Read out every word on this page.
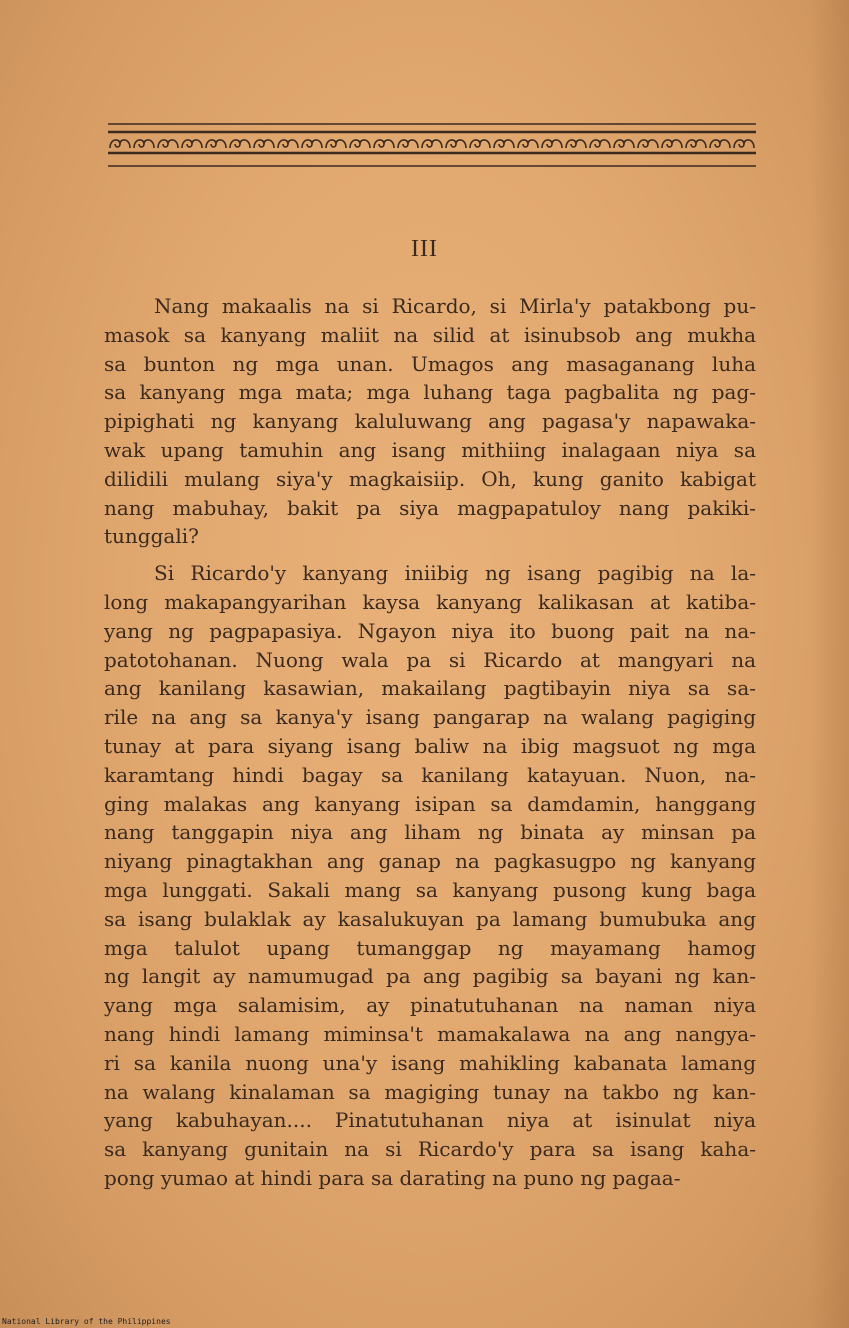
III
Nang makaalis na si Ricardo, si Mirla'y patakbong pu-
masok sa kanyang maliit na silid at isinubsob ang mukha
sa bunton ng mga unan. Umagos ang masaganang luha
sa kanyang mga mata; mga luhang taga pagbalita ng pag-
pipighati ng kanyang kaluluwang ang pagasa'y napawaka-
wak upang tamuhin ang isang mithiing inalagaan niya sa
dilidili mulang siya'y magkaisiip. Oh, kung ganito kabigat
nang mabuhay, bakit pa siya magpapatuloy nang pakiki-
tunggali?
Si Ricardo'y kanyang iniibig ng isang pagibig na la-
long makapangyarihan kaysa kanyang kalikasan at katiba-
yang ng pagpapasiya. Ngayon niya ito buong pait na na-
patotohanan. Nuong wala pa si Ricardo at mangyari na
ang kanilang kasawian, makailang pagtibayin niya sa sa-
rile na ang sa kanya'y isang pangarap na walang pagiging
tunay at para siyang isang baliw na ibig magsuot ng mga
karamtang hindi bagay sa kanilang katayuan. Nuon, na-
ging malakas ang kanyang isipan sa damdamin, hanggang
nang tanggapin niya ang liham ng binata ay minsan pa
niyang pinagtakhan ang ganap na pagkasugpo ng kanyang
mga lunggati. Sakali mang sa kanyang pusong kung baga
sa isang bulaklak ay kasalukuyan pa lamang bumubuka ang
mga talulot upang tumanggap ng mayamang hamog
ng langit ay namumugad pa ang pagibig sa bayani ng kan-
yang mga salamisim, ay pinatutuhanan na naman niya
nang hindi lamang miminsa't mamakalawa na ang nangya-
ri sa kanila nuong una'y isang mahikling kabanata lamang
na walang kinalaman sa magiging tunay na takbo ng kan-
yang kabuhayan.... Pinatutuhanan niya at isinulat niya
sa kanyang gunitain na si Ricardo'y para sa isang kaha-
pong yumao at hindi para sa darating na puno ng pagaa-
National Library of the Philippines
